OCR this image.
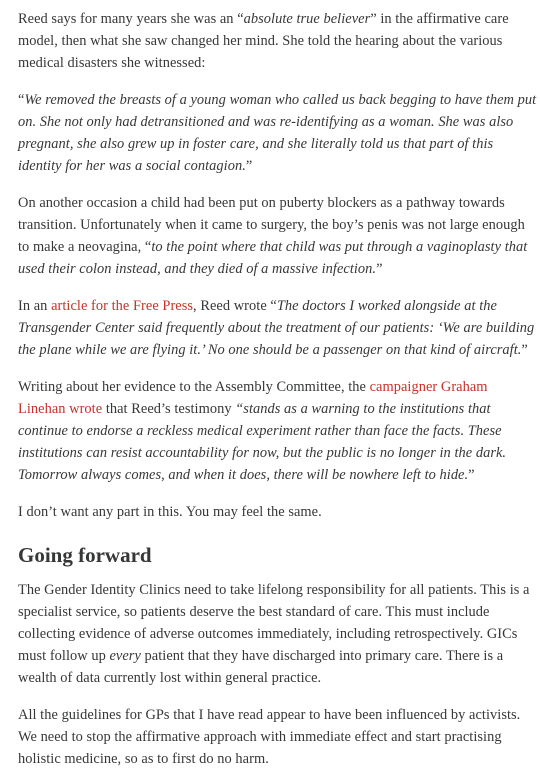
Reed says for many years she was an “absolute true believer” in the affirmative care model, then what she saw changed her mind. She told the hearing about the various medical disasters she witnessed:

“We removed the breasts of a young woman who called us back begging to have them put on. She not only had detransitioned and was re-identifying as a woman. She was also pregnant, she also grew up in foster care, and she literally told us that part of this identity for her was a social contagion.”

On another occasion a child had been put on puberty blockers as a pathway towards transition. Unfortunately when it came to surgery, the boy’s penis was not large enough to make a neovagina, “to the point where that child was put through a vaginoplasty that used their colon instead, and they died of a massive infection.”

In an article for the Free Press, Reed wrote “The doctors I worked alongside at the Transgender Center said frequently about the treatment of our patients: ‘We are building the plane while we are flying it.’ No one should be a passenger on that kind of aircraft.”

Writing about her evidence to the Assembly Committee, the campaigner Graham Linehan wrote that Reed’s testimony “stands as a warning to the institutions that continue to endorse a reckless medical experiment rather than face the facts. These institutions can resist accountability for now, but the public is no longer in the dark. Tomorrow always comes, and when it does, there will be nowhere left to hide.”

I don’t want any part in this. You may feel the same.

Going forward

The Gender Identity Clinics need to take lifelong responsibility for all patients. This is a specialist service, so patients deserve the best standard of care. This must include collecting evidence of adverse outcomes immediately, including retrospectively. GICs must follow up every patient that they have discharged into primary care. There is a wealth of data currently lost within general practice.

All the guidelines for GPs that I have read appear to have been influenced by activists. We need to stop the affirmative approach with immediate effect and start practising holistic medicine, so as to first do no harm.
